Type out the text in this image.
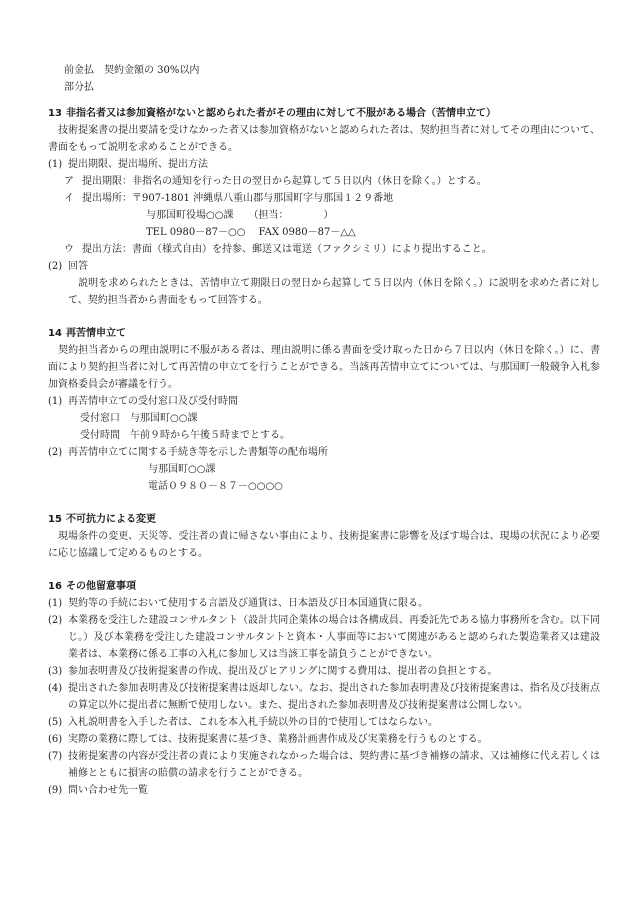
前金払　契約金額の 30%以内
部分払
13 非指名者又は参加資格がないと認められた者がその理由に対して不服がある場合（苦情申立て）
技術提案書の提出要請を受けなかった者又は参加資格がないと認められた者は、契約担当者に対してその理由について、書面をもって説明を求めることができる。
(1) 提出期限、提出場所、提出方法
ア 提出期限：非指名の通知を行った日の翌日から起算して５日以内（休日を除く。）とする。
イ 提出場所：〒907-1801 沖縄県八重山郡与那国町字与那国１２９番地
与那国町役場○○課　　（担当：　　　　）
TEL 0980－87－○○　 FAX 0980－87－△△
ウ 提出方法：書面（様式自由）を持参、郵送又は電送（ファクシミリ）により提出すること。
(2) 回答
説明を求められたときは、苦情申立て期限日の翌日から起算して５日以内（休日を除く。）に説明を求めた者に対して、契約担当者から書面をもって回答する。
14 再苦情申立て
契約担当者からの理由説明に不服がある者は、理由説明に係る書面を受け取った日から７日以内（休日を除く。）に、書面により契約担当者に対して再苦情の申立てを行うことができる。当該再苦情申立てについては、与那国町一般競争入札参加資格委員会が審議を行う。
(1) 再苦情申立ての受付窓口及び受付時間
受付窓口　与那国町○○課
受付時間　午前９時から午後５時までとする。
(2) 再苦情申立てに関する手続き等を示した書類等の配布場所
与那国町○○課
電話０９８０－８７－○○○○
15 不可抗力による変更
現場条件の変更、天災等、受注者の責に帰さない事由により、技術提案書に影響を及ぼす場合は、現場の状況により必要に応じ協議して定めるものとする。
16 その他留意事項
(1) 契約等の手続において使用する言語及び通貨は、日本語及び日本国通貨に限る。
(2) 本業務を受注した建設コンサルタント（設計共同企業体の場合は各構成員、再委託先である協力事務所を含む。以下同じ。）及び本業務を受注した建設コンサルタントと資本・人事面等において関連があると認められた製造業者又は建設業者は、本業務に係る工事の入札に参加し又は当該工事を請負うことができない。
(3) 参加表明書及び技術提案書の作成、提出及びヒアリングに関する費用は、提出者の負担とする。
(4) 提出された参加表明書及び技術提案書は返却しない。なお、提出された参加表明書及び技術提案書は、指名及び技術点の算定以外に提出者に無断で使用しない。また、提出された参加表明書及び技術提案書は公開しない。
(5) 入札説明書を入手した者は、これを本入札手続以外の目的で使用してはならない。
(6) 実際の業務に際しては、技術提案書に基づき、業務計画書作成及び実業務を行うものとする。
(7) 技術提案書の内容が受注者の責により実施されなかった場合は、契約書に基づき補修の請求、又は補修に代え若しくは補修とともに損害の賠償の請求を行うことができる。
(9) 問い合わせ先一覧
